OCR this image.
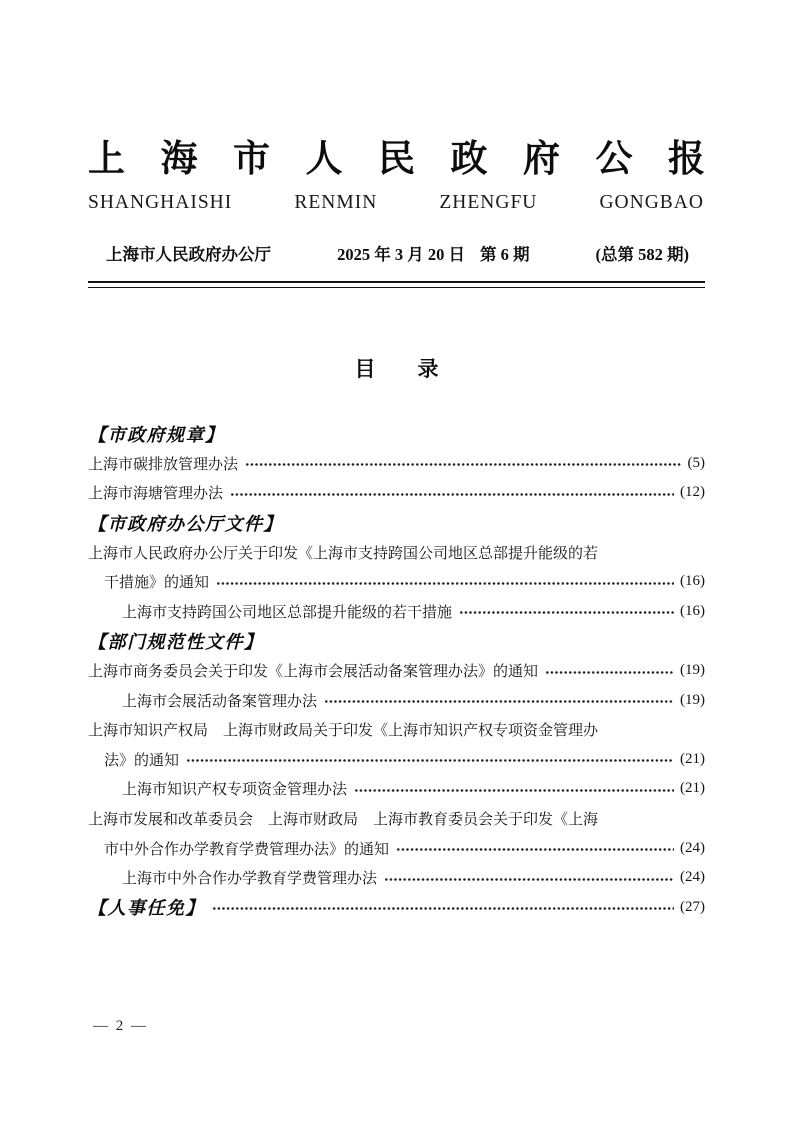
上 海 市 人 民 政 府 公 报
SHANGHAISHI	RENMIN	ZHENGFU	GONGBAO
上海市人民政府办公厅	2025 年 3 月 20 日 第 6 期	(总第 582 期)
目　　录
【市政府规章】
上海市碳排放管理办法	(5)
上海市海塘管理办法	(12)
【市政府办公厅文件】
上海市人民政府办公厅关于印发《上海市支持跨国公司地区总部提升能级的若
干措施》的通知	(16)
上海市支持跨国公司地区总部提升能级的若干措施	(16)
【部门规范性文件】
上海市商务委员会关于印发《上海市会展活动备案管理办法》的通知	(19)
上海市会展活动备案管理办法	(19)
上海市知识产权局　上海市财政局关于印发《上海市知识产权专项资金管理办
法》的通知	(21)
上海市知识产权专项资金管理办法	(21)
上海市发展和改革委员会　上海市财政局　上海市教育委员会关于印发《上海
市中外合作办学教育学费管理办法》的通知	(24)
上海市中外合作办学教育学费管理办法	(24)
【人事任免】	(27)
— 2 —
